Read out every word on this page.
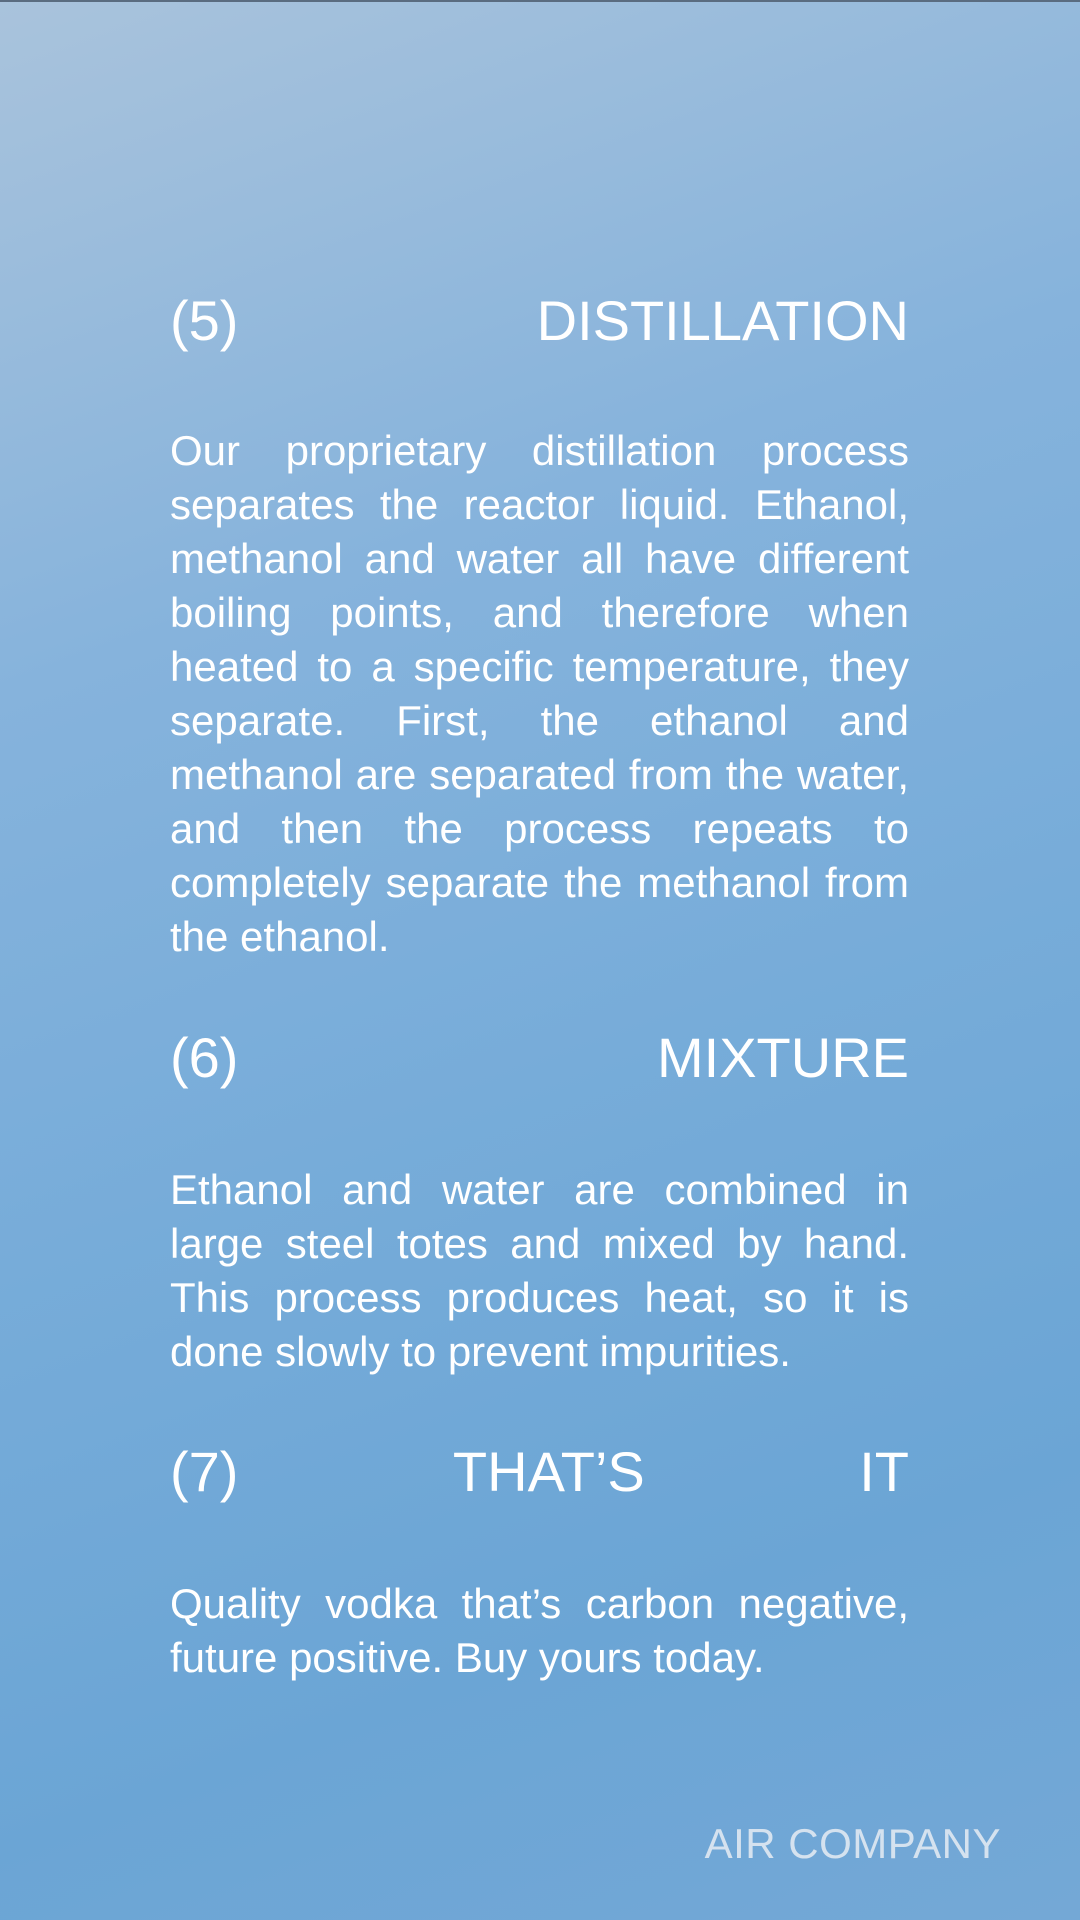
(5)	DISTILLATION
Our proprietary distillation process separates the reactor liquid. Ethanol, methanol and water all have different boiling points, and therefore when heated to a specific temperature, they separate. First, the ethanol and methanol are separated from the water, and then the process repeats to completely separate the methanol from the ethanol.
(6)	MIXTURE
Ethanol and water are combined in large steel totes and mixed by hand. This process produces heat, so it is done slowly to prevent impurities.
(7)	THAT’S	IT
Quality vodka that’s carbon negative, future positive. Buy yours today.
AIR COMPANY
